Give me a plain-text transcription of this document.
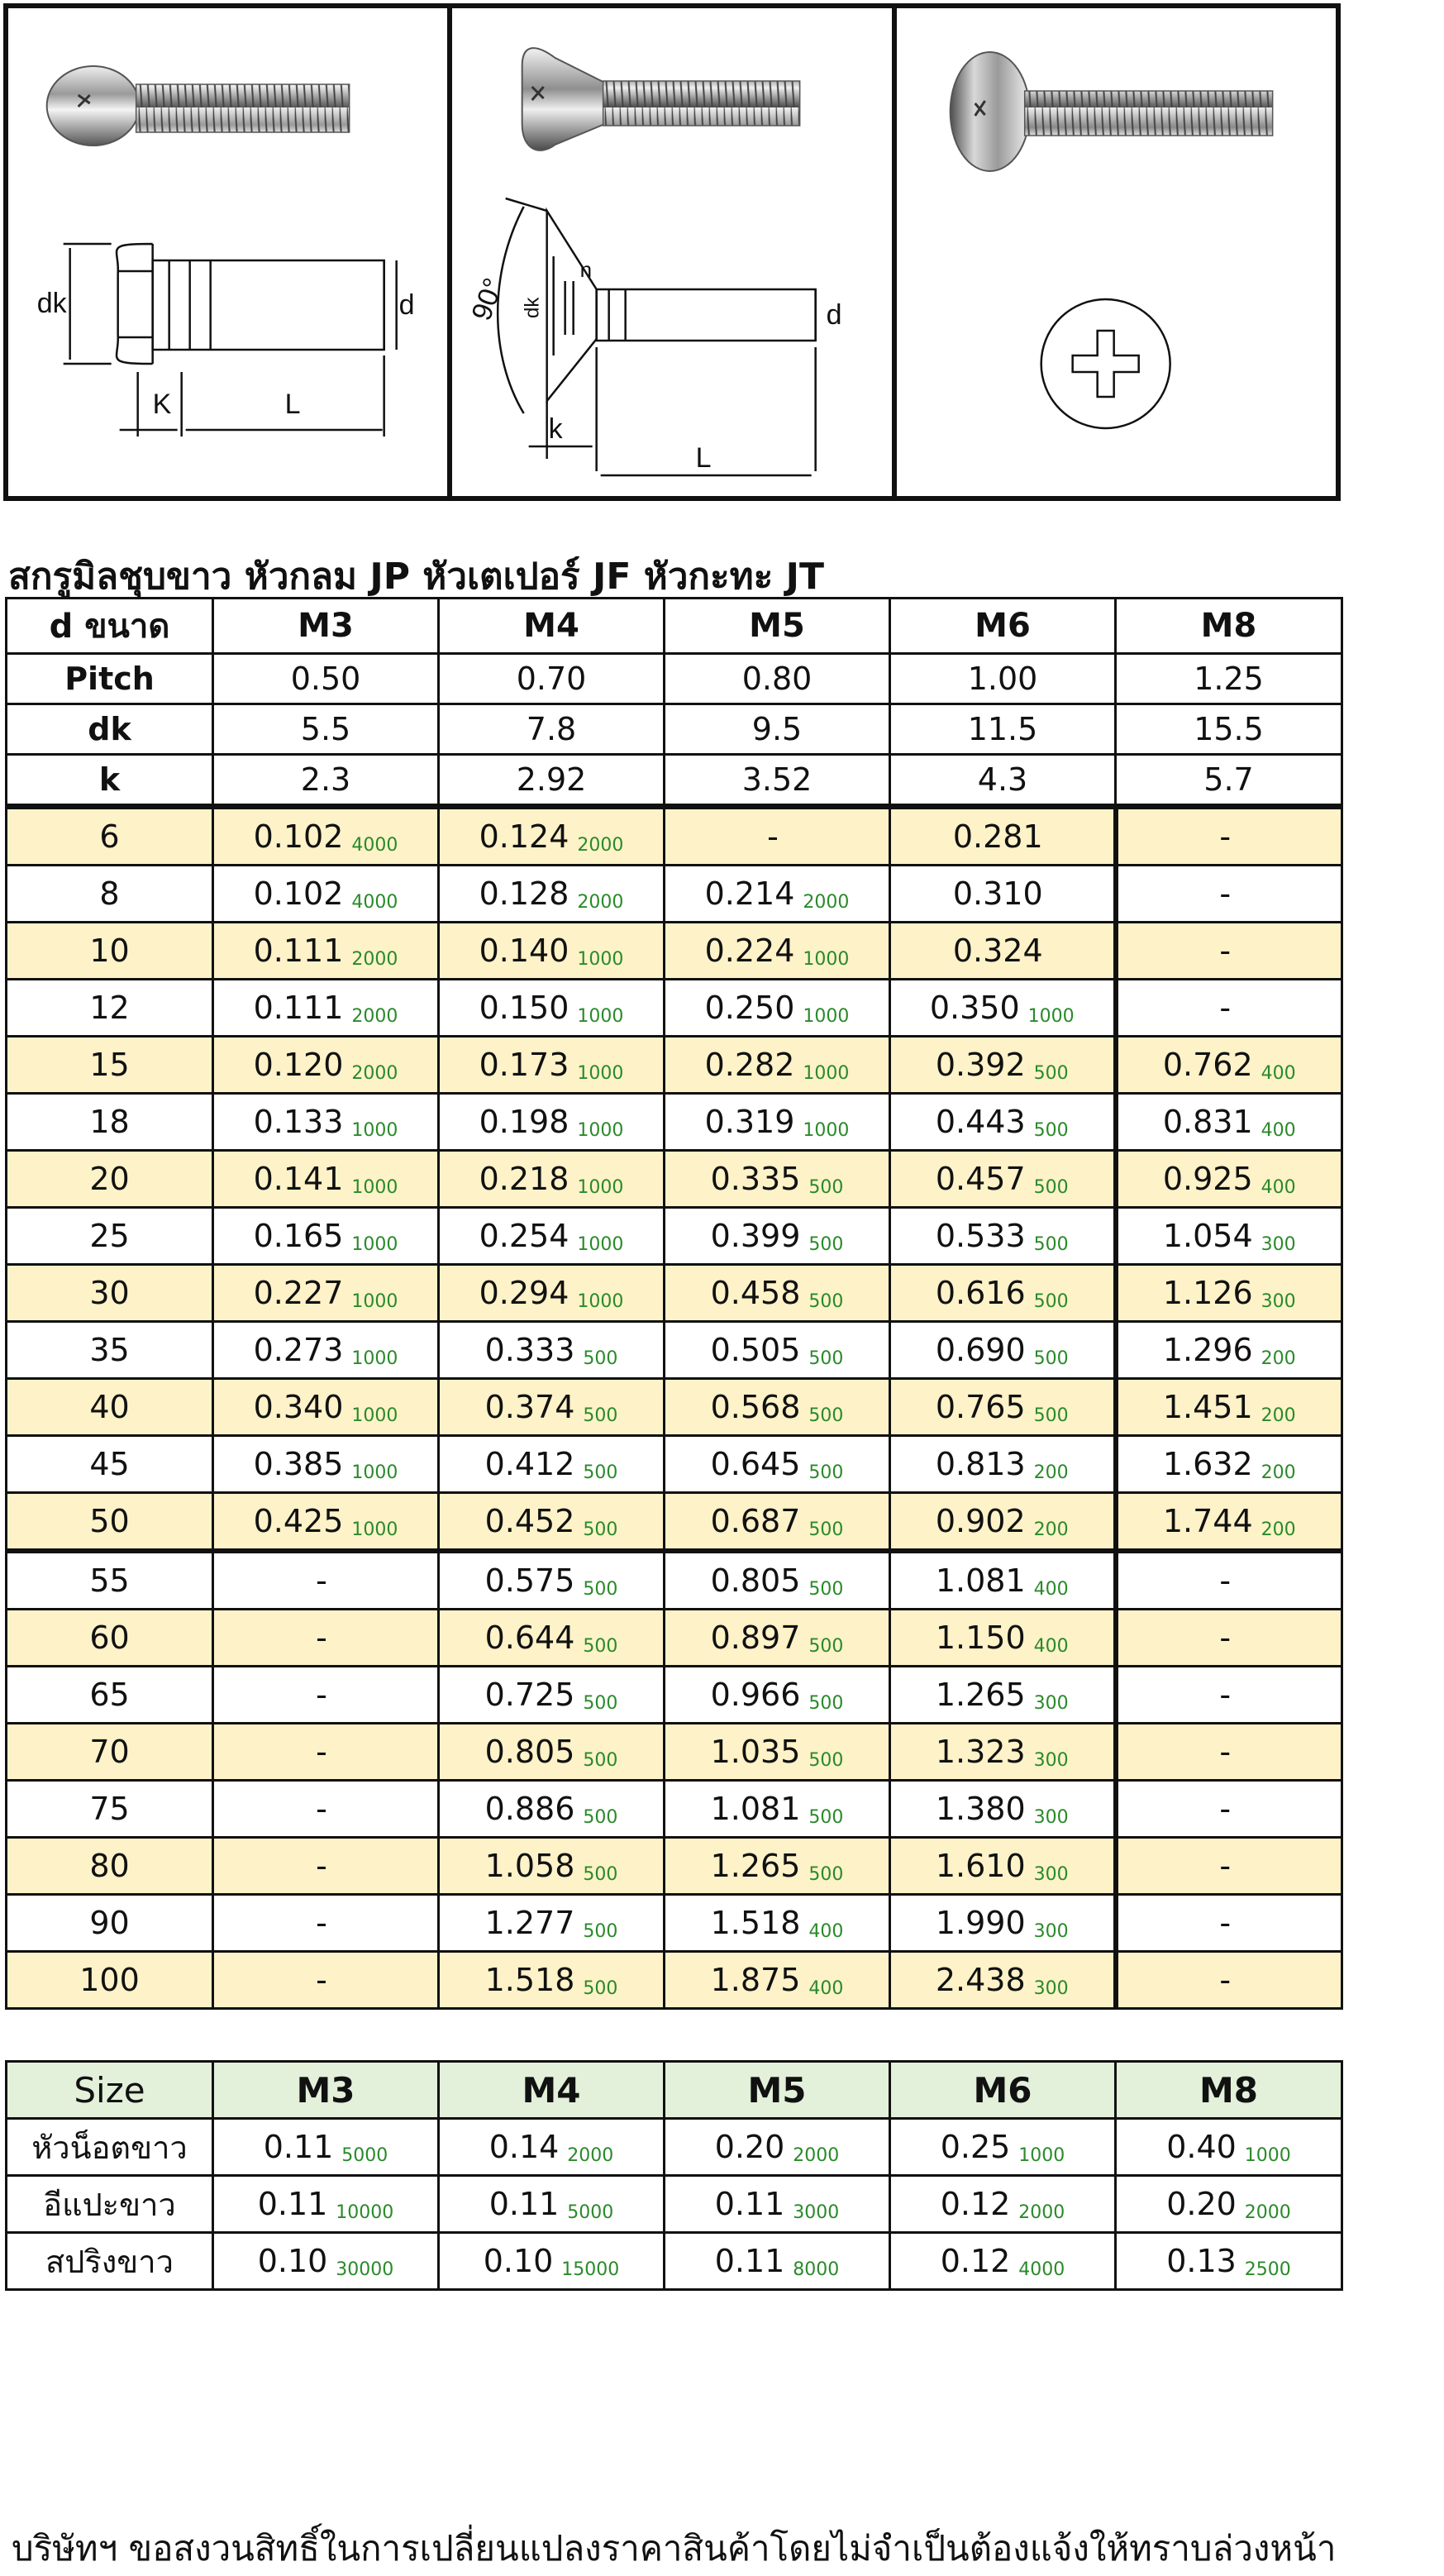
dk	d
K	L
90° dk
n
d
k
L
สกรูมิลชุบขาว หัวกลม JP หัวเตเปอร์ JF หัวกะทะ JT
d ขนาด	M3	M4	M5	M6	M8
Pitch	0.50	0.70	0.80	1.00	1.25
dk	5.5	7.8	9.5	11.5	15.5
k	2.3	2.92	3.52	4.3	5.7
6	0.102 4000	0.124 2000	-	0.281	-
8	0.102 4000	0.128 2000	0.214 2000	0.310	-
10	0.111 2000	0.140 1000	0.224 1000	0.324	-
12	0.111 2000	0.150 1000	0.250 1000	0.350 1000	-
15	0.120 2000	0.173 1000	0.282 1000	0.392 500	0.762 400
18	0.133 1000	0.198 1000	0.319 1000	0.443 500	0.831 400
20	0.141 1000	0.218 1000	0.335 500	0.457 500	0.925 400
25	0.165 1000	0.254 1000	0.399 500	0.533 500	1.054 300
30	0.227 1000	0.294 1000	0.458 500	0.616 500	1.126 300
35	0.273 1000	0.333 500	0.505 500	0.690 500	1.296 200
40	0.340 1000	0.374 500	0.568 500	0.765 500	1.451 200
45	0.385 1000	0.412 500	0.645 500	0.813 200	1.632 200
50	0.425 1000	0.452 500	0.687 500	0.902 200	1.744 200
55	-	0.575 500	0.805 500	1.081 400	-
60	-	0.644 500	0.897 500	1.150 400	-
65	-	0.725 500	0.966 500	1.265 300	-
70	-	0.805 500	1.035 500	1.323 300	-
75	-	0.886 500	1.081 500	1.380 300	-
80	-	1.058 500	1.265 500	1.610 300	-
90	-	1.277 500	1.518 400	1.990 300	-
100	-	1.518 500	1.875 400	2.438 300	-
Size	M3	M4	M5	M6	M8
หัวน็อตขาว	0.11 5000	0.14 2000	0.20 2000	0.25 1000	0.40 1000
อีแปะขาว	0.11 10000	0.11 5000	0.11 3000	0.12 2000	0.20 2000
สปริงขาว	0.10 30000	0.10 15000	0.11 8000	0.12 4000	0.13 2500
บริษัทฯ ขอสงวนสิทธิ์ในการเปลี่ยนแปลงราคาสินค้าโดยไม่จำเป็นต้องแจ้งให้ทราบล่วงหน้า
